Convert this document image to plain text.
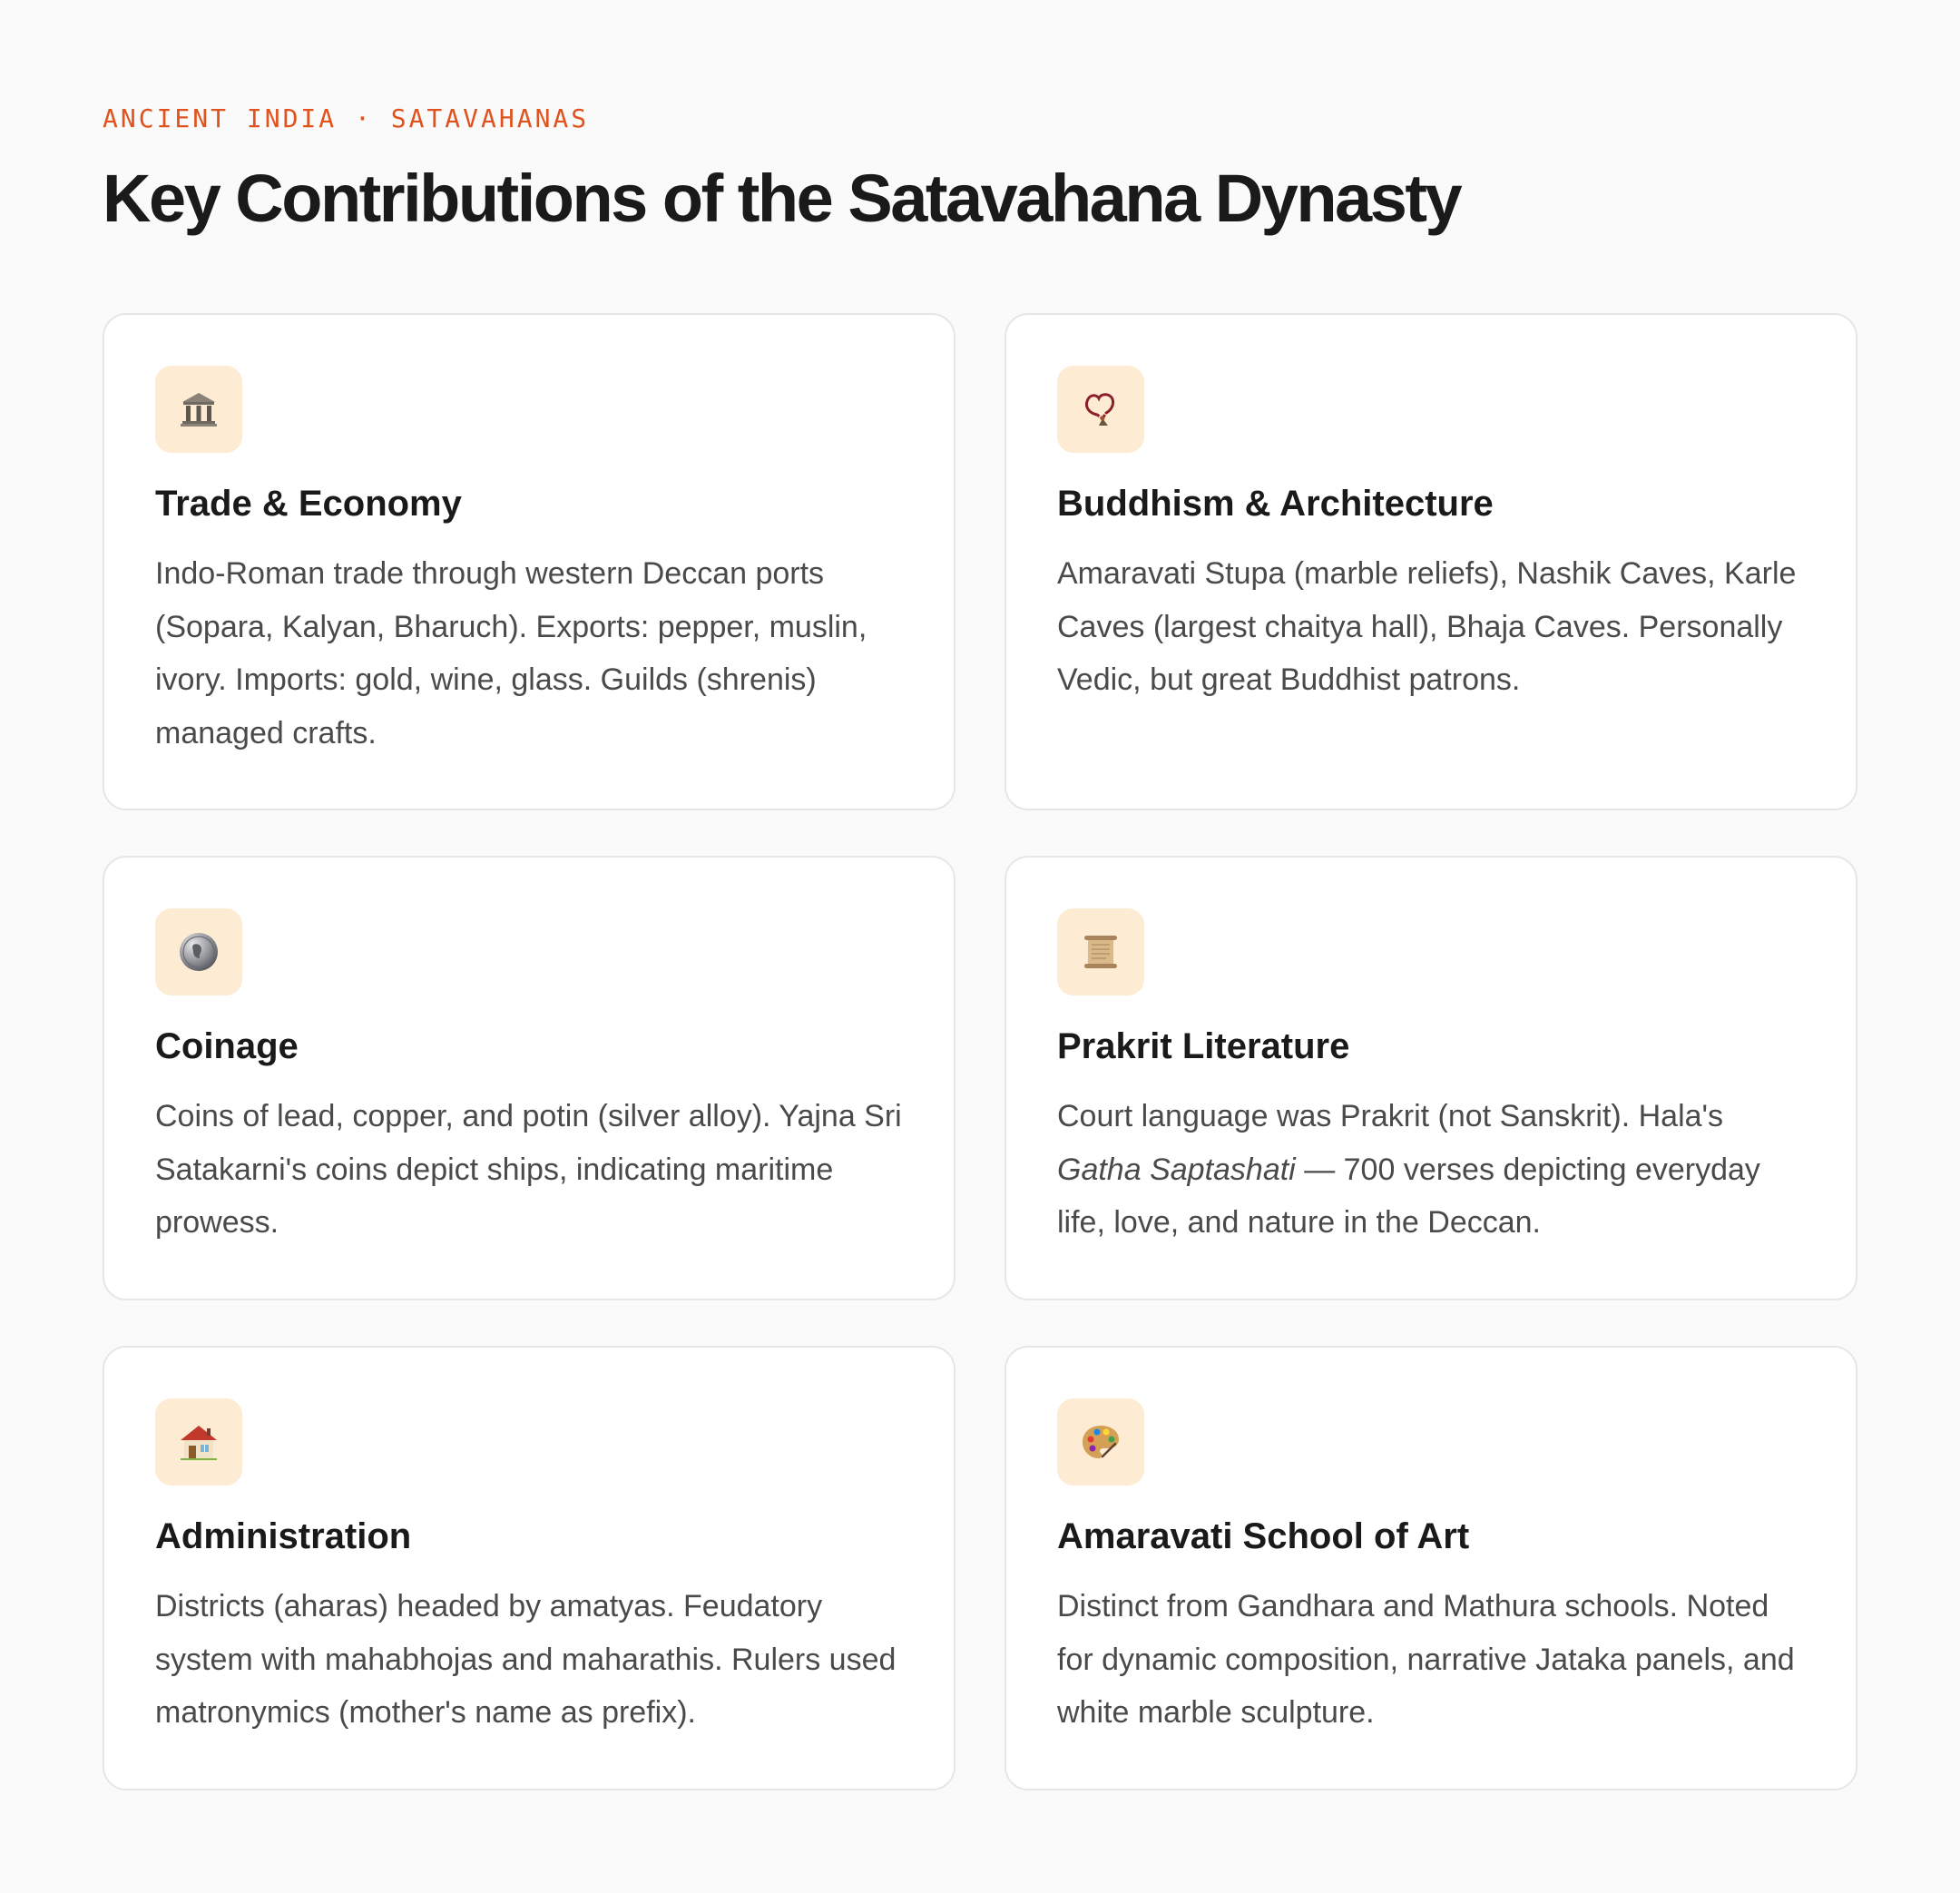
ANCIENT INDIA · SATAVAHANAS
Key Contributions of the Satavahana Dynasty
Trade & Economy

Indo-Roman trade through western Deccan ports (Sopara, Kalyan, Bharuch). Exports: pepper, muslin, ivory. Imports: gold, wine, glass. Guilds (shrenis) managed crafts.

Buddhism & Architecture

Amaravati Stupa (marble reliefs), Nashik Caves, Karle Caves (largest chaitya hall), Bhaja Caves. Personally Vedic, but great Buddhist patrons.

Coinage

Coins of lead, copper, and potin (silver alloy). Yajna Sri Satakarni's coins depict ships, indicating maritime prowess.

Prakrit Literature

Court language was Prakrit (not Sanskrit). Hala's Gatha Saptashati — 700 verses depicting everyday life, love, and nature in the Deccan.

Administration

Districts (aharas) headed by amatyas. Feudatory system with mahabhojas and maharathis. Rulers used matronymics (mother's name as prefix).

Amaravati School of Art

Distinct from Gandhara and Mathura schools. Noted for dynamic composition, narrative Jataka panels, and white marble sculpture.
